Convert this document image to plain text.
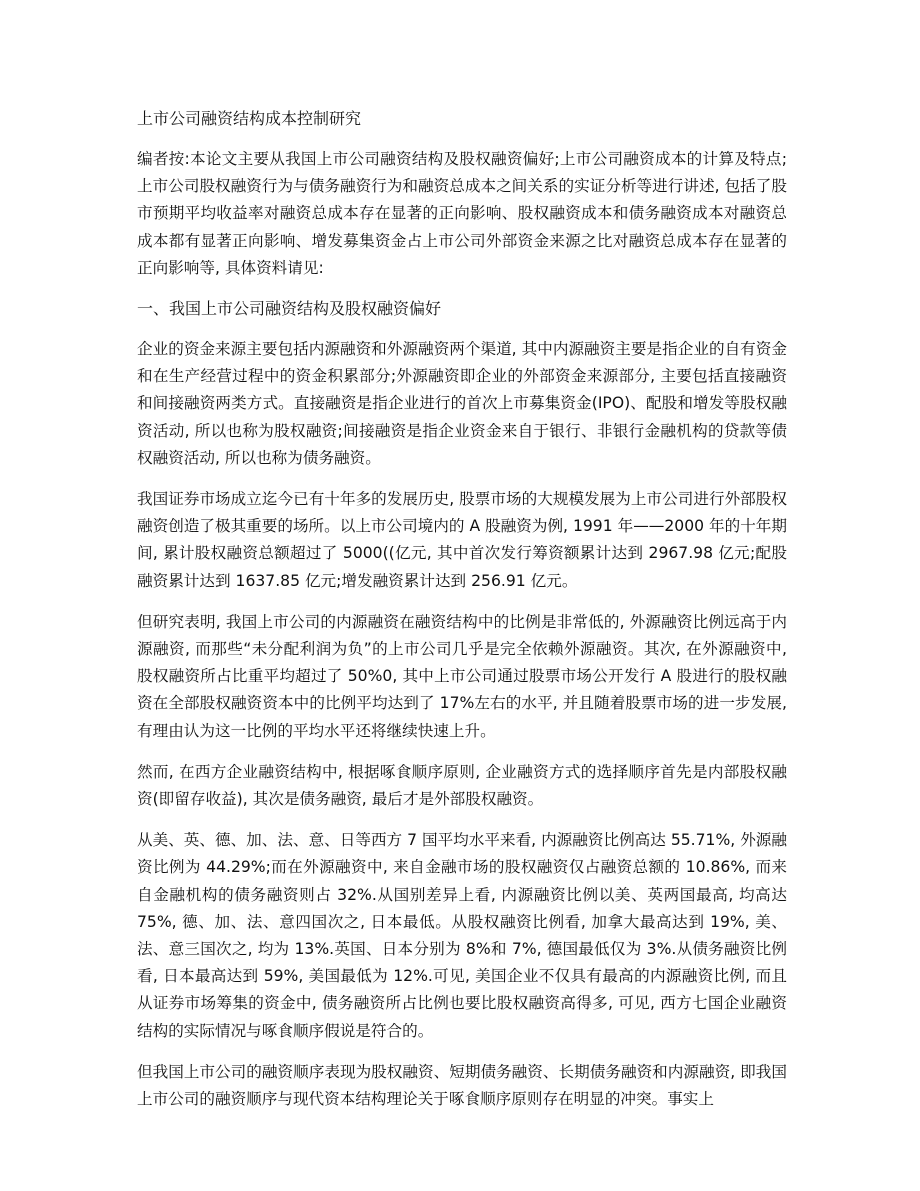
上市公司融资结构成本控制研究

编者按:本论文主要从我国上市公司融资结构及股权融资偏好;上市公司融资成本的计算及特点;上市公司股权融资行为与债务融资行为和融资总成本之间关系的实证分析等进行讲述, 包括了股市预期平均收益率对融资总成本存在显著的正向影响、股权融资成本和债务融资成本对融资总成本都有显著正向影响、增发募集资金占上市公司外部资金来源之比对融资总成本存在显著的正向影响等, 具体资料请见:

一、我国上市公司融资结构及股权融资偏好

企业的资金来源主要包括内源融资和外源融资两个渠道, 其中内源融资主要是指企业的自有资金和在生产经营过程中的资金积累部分;外源融资即企业的外部资金来源部分, 主要包括直接融资和间接融资两类方式。直接融资是指企业进行的首次上市募集资金(IPO)、配股和增发等股权融资活动, 所以也称为股权融资;间接融资是指企业资金来自于银行、非银行金融机构的贷款等债权融资活动, 所以也称为债务融资。

我国证券市场成立迄今已有十年多的发展历史, 股票市场的大规模发展为上市公司进行外部股权融资创造了极其重要的场所。以上市公司境内的 A 股融资为例, 1991 年——2000 年的十年期间, 累计股权融资总额超过了 5000((亿元, 其中首次发行筹资额累计达到 2967.98 亿元;配股融资累计达到 1637.85 亿元;增发融资累计达到 256.91 亿元。

但研究表明, 我国上市公司的内源融资在融资结构中的比例是非常低的, 外源融资比例远高于内源融资, 而那些“未分配利润为负”的上市公司几乎是完全依赖外源融资。其次, 在外源融资中, 股权融资所占比重平均超过了 50%0, 其中上市公司通过股票市场公开发行 A 股进行的股权融资在全部股权融资资本中的比例平均达到了 17%左右的水平, 并且随着股票市场的进一步发展, 有理由认为这一比例的平均水平还将继续快速上升。

然而, 在西方企业融资结构中, 根据啄食顺序原则, 企业融资方式的选择顺序首先是内部股权融资(即留存收益), 其次是债务融资, 最后才是外部股权融资。

从美、英、德、加、法、意、日等西方 7 国平均水平来看, 内源融资比例高达 55.71%, 外源融资比例为 44.29%;而在外源融资中, 来自金融市场的股权融资仅占融资总额的 10.86%, 而来自金融机构的债务融资则占 32%.从国别差异上看, 内源融资比例以美、英两国最高, 均高达 75%, 德、加、法、意四国次之, 日本最低。从股权融资比例看, 加拿大最高达到 19%, 美、法、意三国次之, 均为 13%.英国、日本分别为 8%和 7%, 德国最低仅为 3%.从债务融资比例看, 日本最高达到 59%, 美国最低为 12%.可见, 美国企业不仅具有最高的内源融资比例, 而且从证券市场筹集的资金中, 债务融资所占比例也要比股权融资高得多, 可见, 西方七国企业融资结构的实际情况与啄食顺序假说是符合的。

但我国上市公司的融资顺序表现为股权融资、短期债务融资、长期债务融资和内源融资, 即我国上市公司的融资顺序与现代资本结构理论关于啄食顺序原则存在明显的冲突。事实上
